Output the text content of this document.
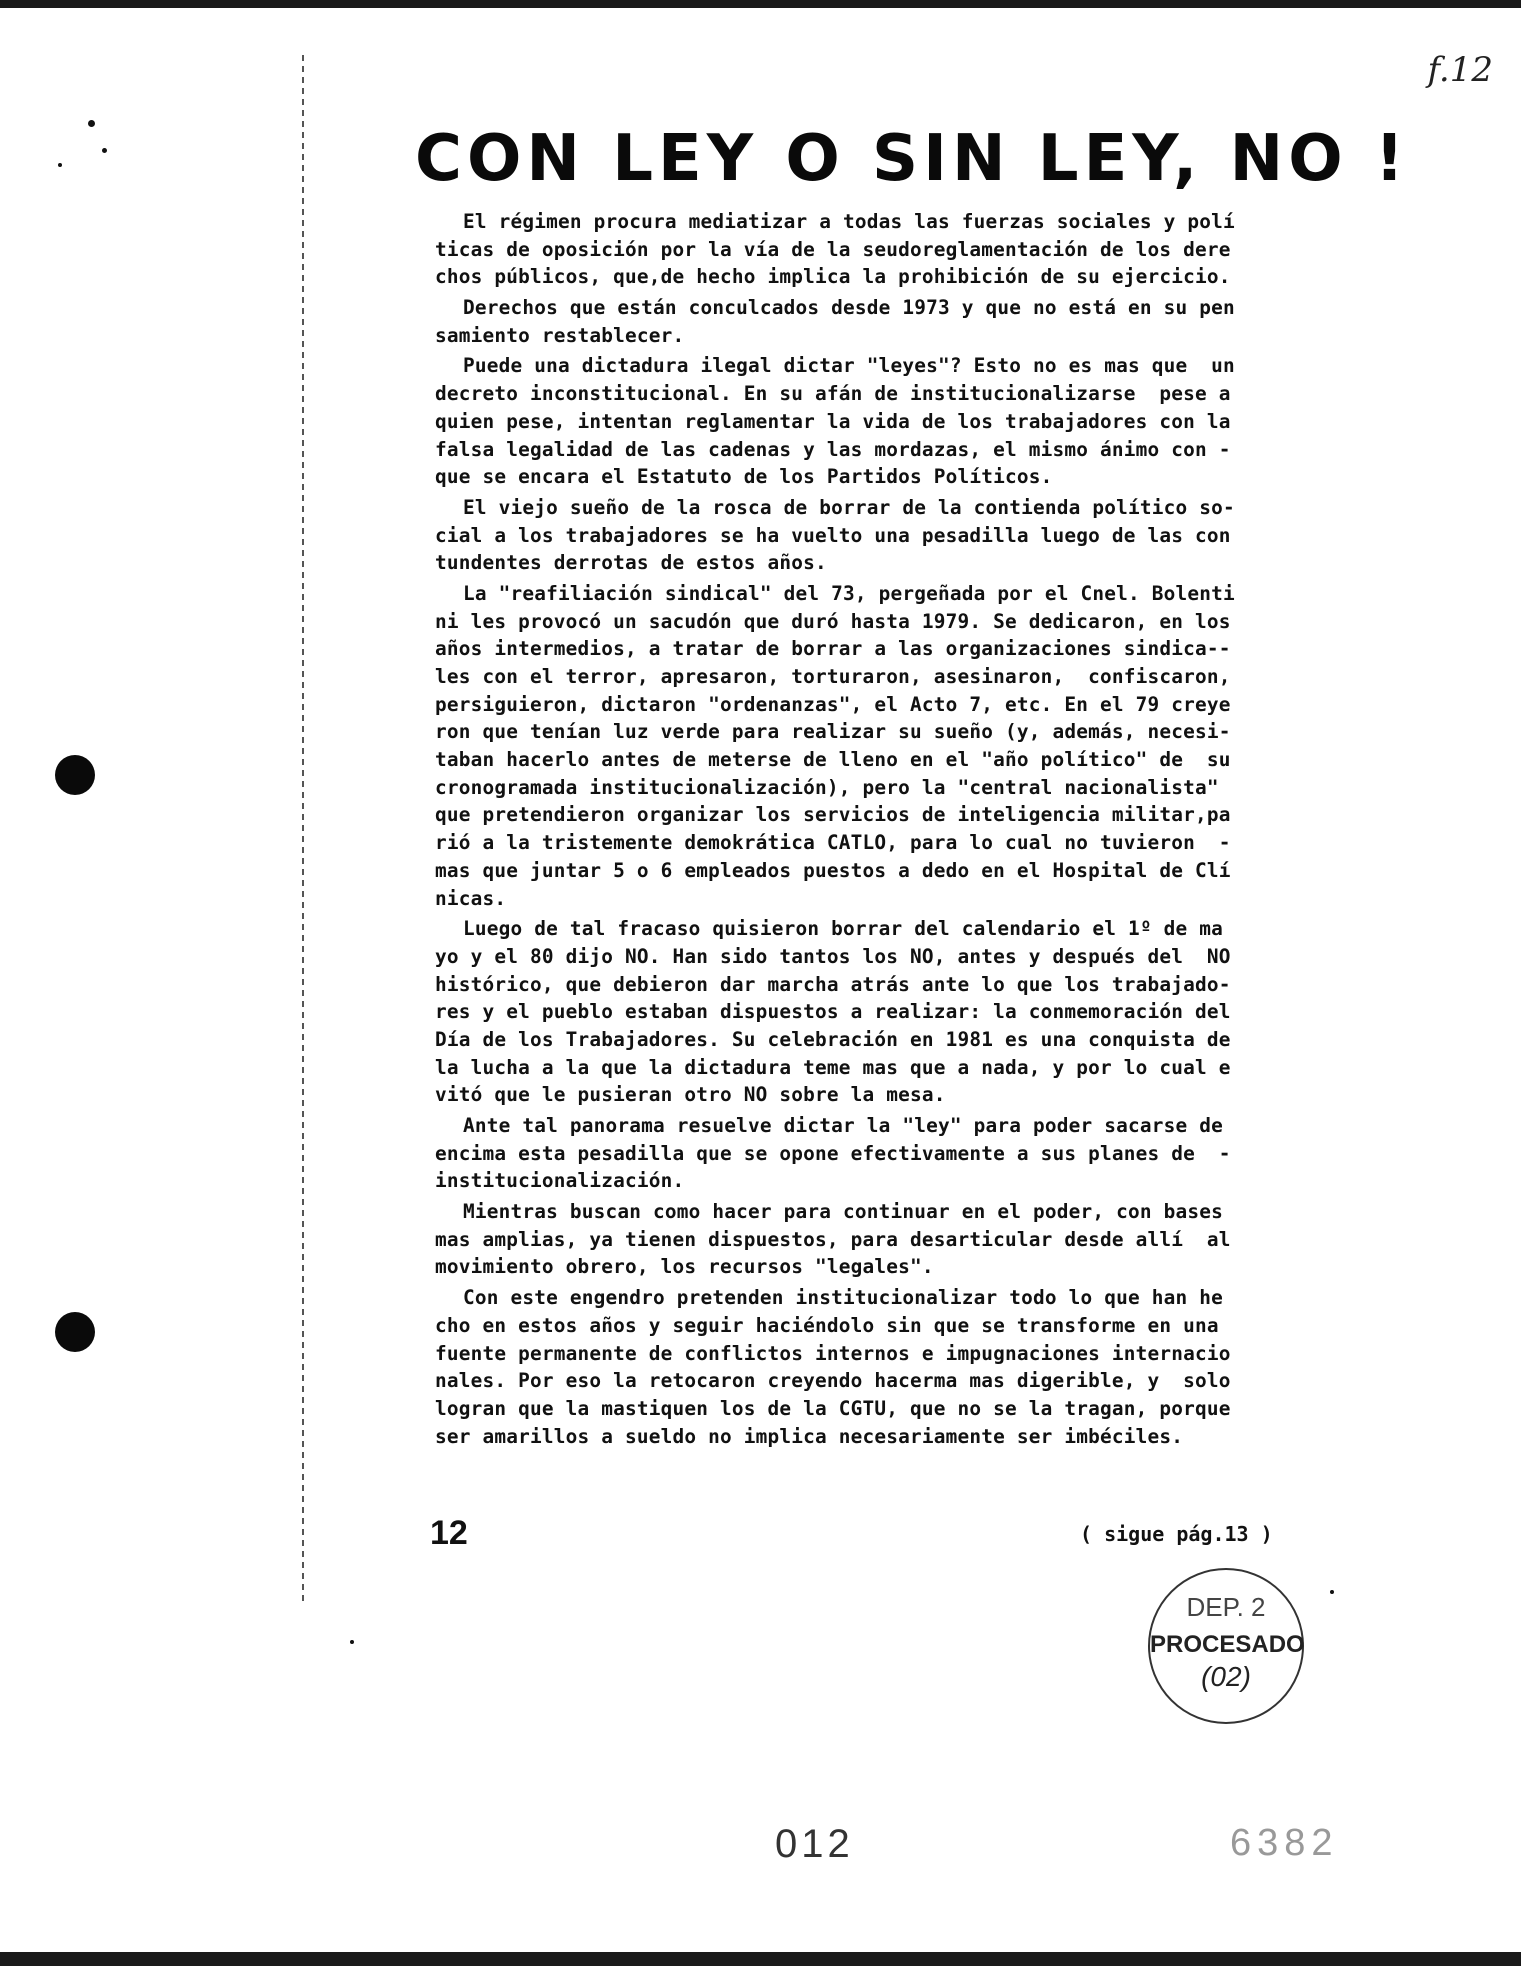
f.12
CON LEY O SIN LEY, NO !
El régimen procura mediatizar a todas las fuerzas sociales y polí
ticas de oposición por la vía de la seudoreglamentación de los dere
chos públicos, que,de hecho implica la prohibición de su ejercicio.
Derechos que están conculcados desde 1973 y que no está en su pen
samiento restablecer.
Puede una dictadura ilegal dictar "leyes"? Esto no es mas que  un
decreto inconstitucional. En su afán de institucionalizarse  pese a
quien pese, intentan reglamentar la vida de los trabajadores con la
falsa legalidad de las cadenas y las mordazas, el mismo ánimo con -
que se encara el Estatuto de los Partidos Políticos.
El viejo sueño de la rosca de borrar de la contienda político so-
cial a los trabajadores se ha vuelto una pesadilla luego de las con
tundentes derrotas de estos años.
La "reafiliación sindical" del 73, pergeñada por el Cnel. Bolenti
ni les provocó un sacudón que duró hasta 1979. Se dedicaron, en los
años intermedios, a tratar de borrar a las organizaciones sindica--
les con el terror, apresaron, torturaron, asesinaron,  confiscaron,
persiguieron, dictaron "ordenanzas", el Acto 7, etc. En el 79 creye
ron que tenían luz verde para realizar su sueño (y, además, necesi-
taban hacerlo antes de meterse de lleno en el "año político" de  su
cronogramada institucionalización), pero la "central nacionalista"
que pretendieron organizar los servicios de inteligencia militar,pa
rió a la tristemente demokrática CATLO, para lo cual no tuvieron  -
mas que juntar 5 o 6 empleados puestos a dedo en el Hospital de Clí
nicas.
Luego de tal fracaso quisieron borrar del calendario el 1º de ma
yo y el 80 dijo NO. Han sido tantos los NO, antes y después del  NO
histórico, que debieron dar marcha atrás ante lo que los trabajado-
res y el pueblo estaban dispuestos a realizar: la conmemoración del
Día de los Trabajadores. Su celebración en 1981 es una conquista de
la lucha a la que la dictadura teme mas que a nada, y por lo cual e
vitó que le pusieran otro NO sobre la mesa.
Ante tal panorama resuelve dictar la "ley" para poder sacarse de
encima esta pesadilla que se opone efectivamente a sus planes de  -
institucionalización.
Mientras buscan como hacer para continuar en el poder, con bases
mas amplias, ya tienen dispuestos, para desarticular desde allí  al
movimiento obrero, los recursos "legales".
Con este engendro pretenden institucionalizar todo lo que han he
cho en estos años y seguir haciéndolo sin que se transforme en una
fuente permanente de conflictos internos e impugnaciones internacio
nales. Por eso la retocaron creyendo hacerma mas digerible, y  solo
logran que la mastiquen los de la CGTU, que no se la tragan, porque
ser amarillos a sueldo no implica necesariamente ser imbéciles.
12	( sigue pág.13 )
DEP. 2
PROCESADO
(02)
012	6382
